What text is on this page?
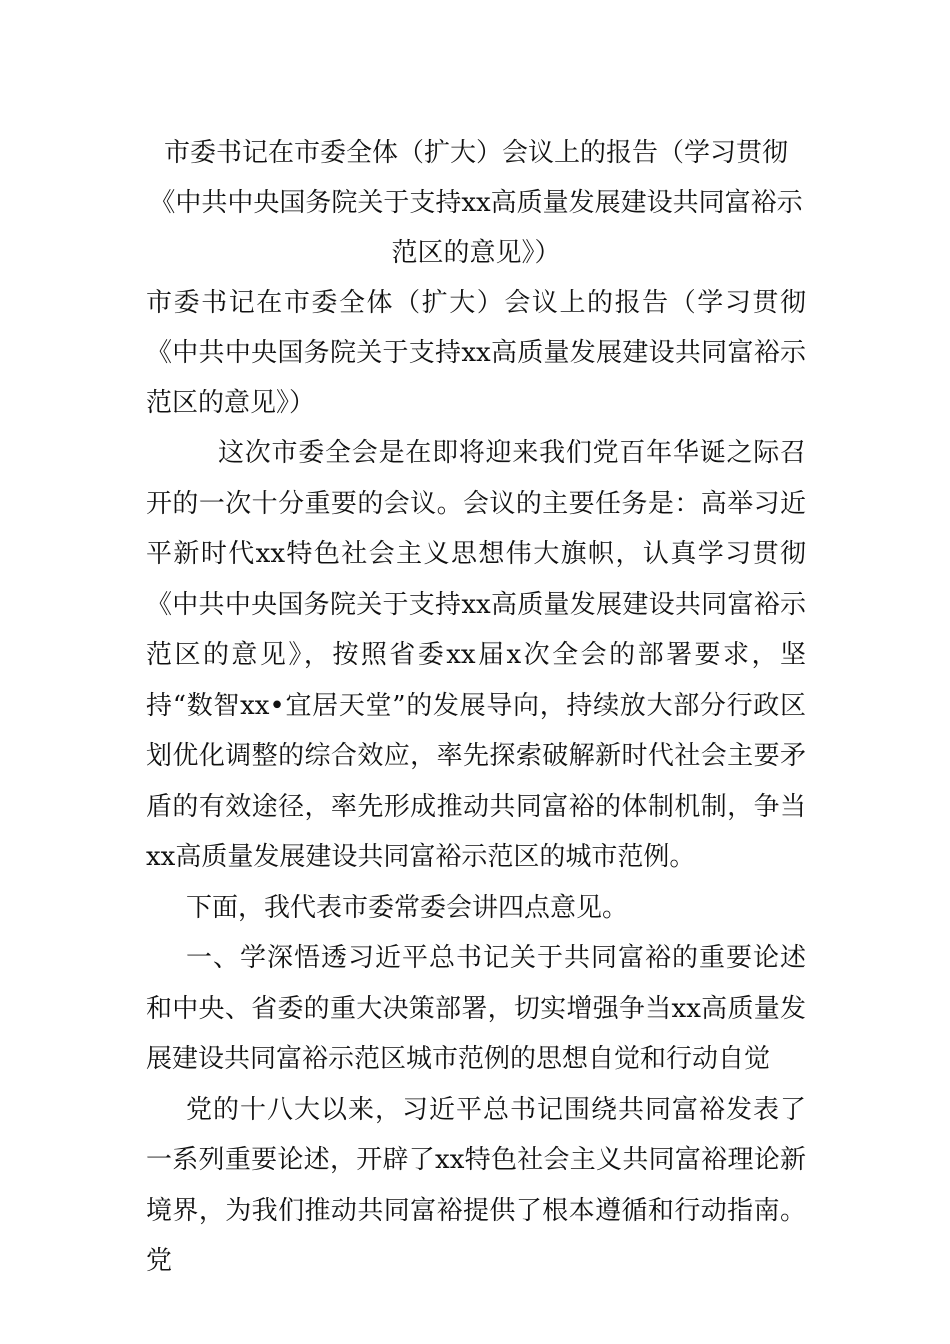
市委书记在市委全体（扩大）会议上的报告（学习贯彻《中共中央国务院关于支持xx高质量发展建设共同富裕示范区的意见》）

市委书记在市委全体（扩大）会议上的报告（学习贯彻《中共中央国务院关于支持xx高质量发展建设共同富裕示范区的意见》）

这次市委全会是在即将迎来我们党百年华诞之际召开的一次十分重要的会议。会议的主要任务是：高举习近平新时代xx特色社会主义思想伟大旗帜，认真学习贯彻《中共中央国务院关于支持xx高质量发展建设共同富裕示范区的意见》，按照省委xx届x次全会的部署要求，坚持“数智xx•宜居天堂”的发展导向，持续放大部分行政区划优化调整的综合效应，率先探索破解新时代社会主要矛盾的有效途径，率先形成推动共同富裕的体制机制，争当xx高质量发展建设共同富裕示范区的城市范例。

下面，我代表市委常委会讲四点意见。

一、学深悟透习近平总书记关于共同富裕的重要论述和中央、省委的重大决策部署，切实增强争当xx高质量发展建设共同富裕示范区城市范例的思想自觉和行动自觉

党的十八大以来，习近平总书记围绕共同富裕发表了一系列重要论述，开辟了xx特色社会主义共同富裕理论新境界，为我们推动共同富裕提供了根本遵循和行动指南。党
